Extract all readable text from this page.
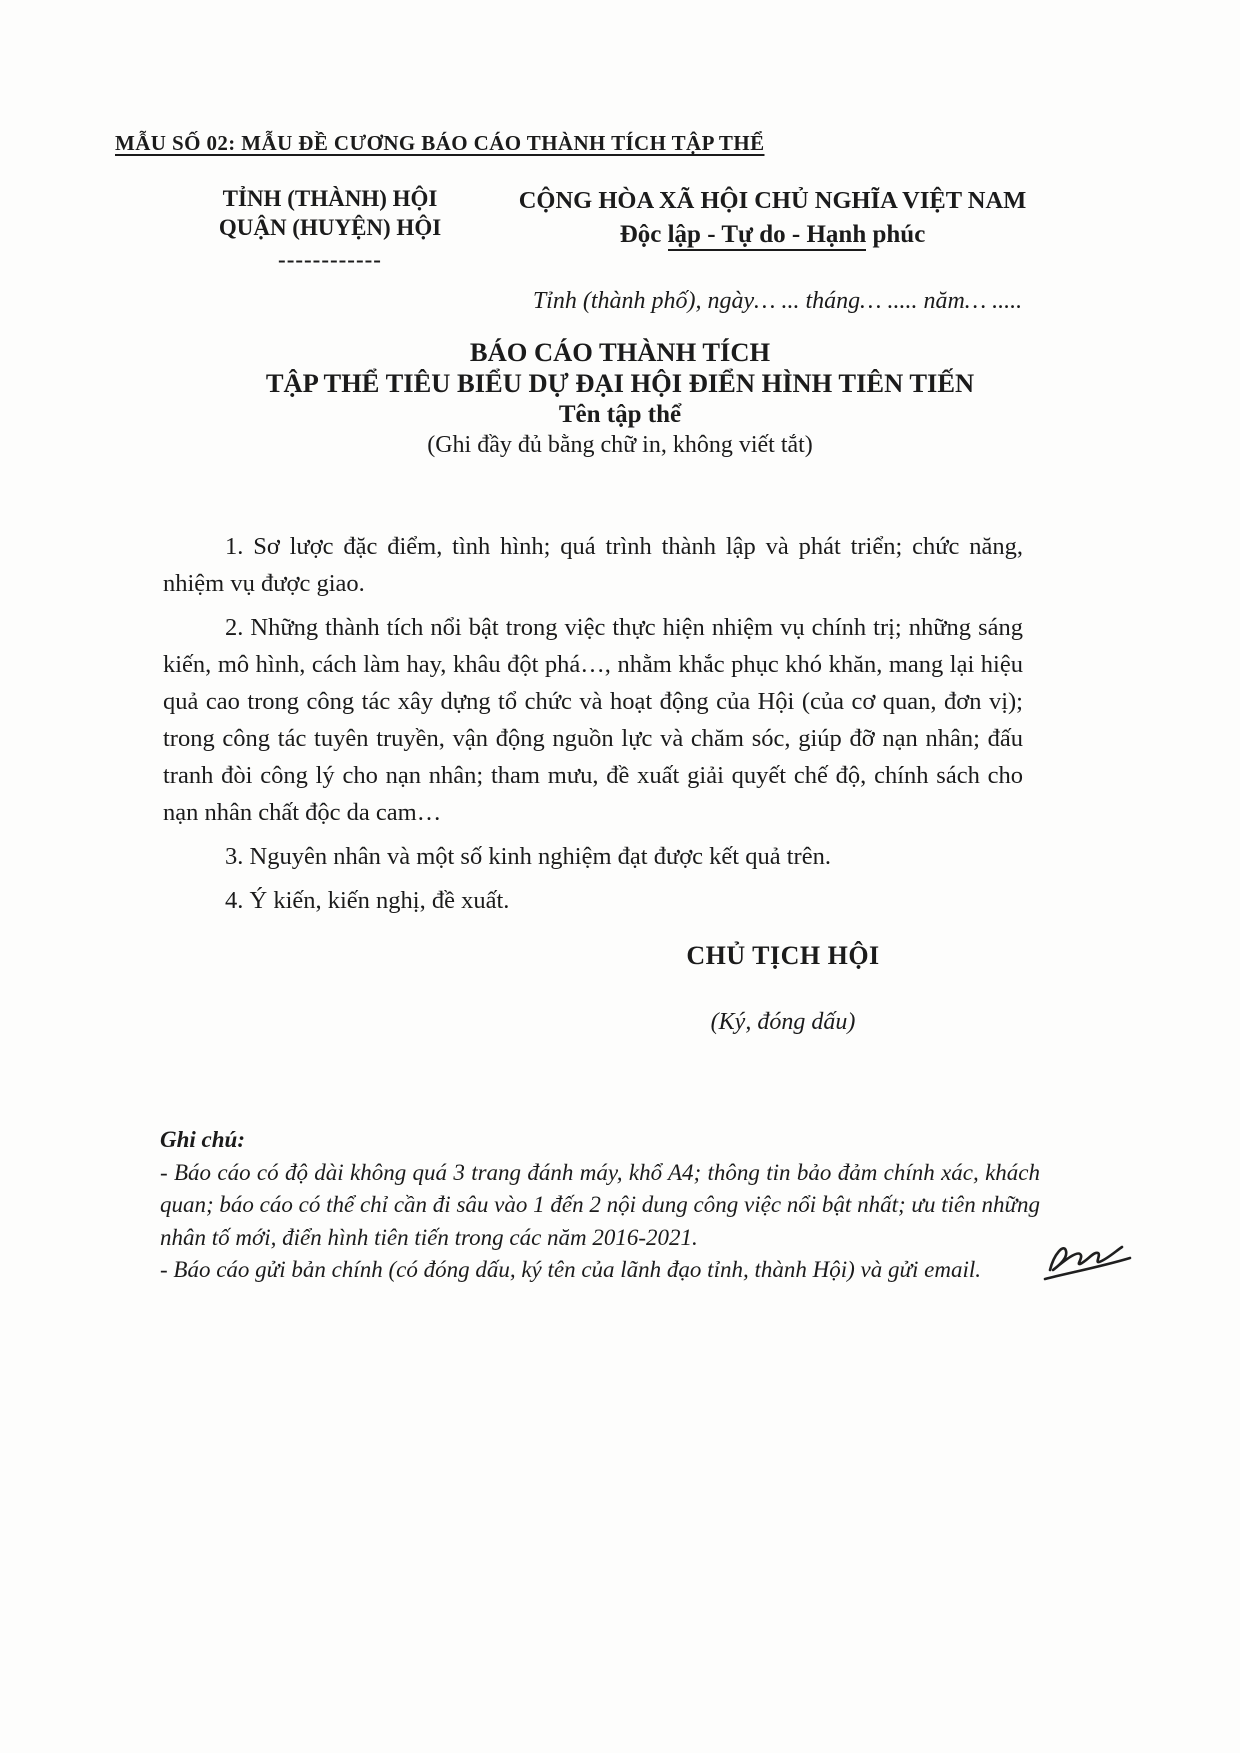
MẪU SỐ 02: MẪU ĐỀ CƯƠNG BÁO CÁO THÀNH TÍCH TẬP THỂ
TỈNH (THÀNH) HỘI
QUẬN (HUYỆN) HỘI
------------
CỘNG HÒA XÃ HỘI CHỦ NGHĨA VIỆT NAM
Độc lập - Tự do - Hạnh phúc
Tỉnh (thành phố), ngày… ... tháng… ..... năm… .....
BÁO CÁO THÀNH TÍCH
TẬP THỂ TIÊU BIỂU DỰ ĐẠI HỘI ĐIỂN HÌNH TIÊN TIẾN
Tên tập thể
(Ghi đầy đủ bằng chữ in, không viết tắt)

1. Sơ lược đặc điểm, tình hình; quá trình thành lập và phát triển; chức năng, nhiệm vụ được giao.

2. Những thành tích nổi bật trong việc thực hiện nhiệm vụ chính trị; những sáng kiến, mô hình, cách làm hay, khâu đột phá…, nhằm khắc phục khó khăn, mang lại hiệu quả cao trong công tác xây dựng tổ chức và hoạt động của Hội (của cơ quan, đơn vị); trong công tác tuyên truyền, vận động nguồn lực và chăm sóc, giúp đỡ nạn nhân; đấu tranh đòi công lý cho nạn nhân; tham mưu, đề xuất giải quyết chế độ, chính sách cho nạn nhân chất độc da cam…

3. Nguyên nhân và một số kinh nghiệm đạt được kết quả trên.

4. Ý kiến, kiến nghị, đề xuất.

CHỦ TỊCH HỘI
(Ký, đóng dấu)

Ghi chú:

- Báo cáo có độ dài không quá 3 trang đánh máy, khổ A4; thông tin bảo đảm chính xác, khách quan; báo cáo có thể chỉ cần đi sâu vào 1 đến 2 nội dung công việc nổi bật nhất; ưu tiên những nhân tố mới, điển hình tiên tiến trong các năm 2016-2021.

- Báo cáo gửi bản chính (có đóng dấu, ký tên của lãnh đạo tỉnh, thành Hội) và gửi email.
